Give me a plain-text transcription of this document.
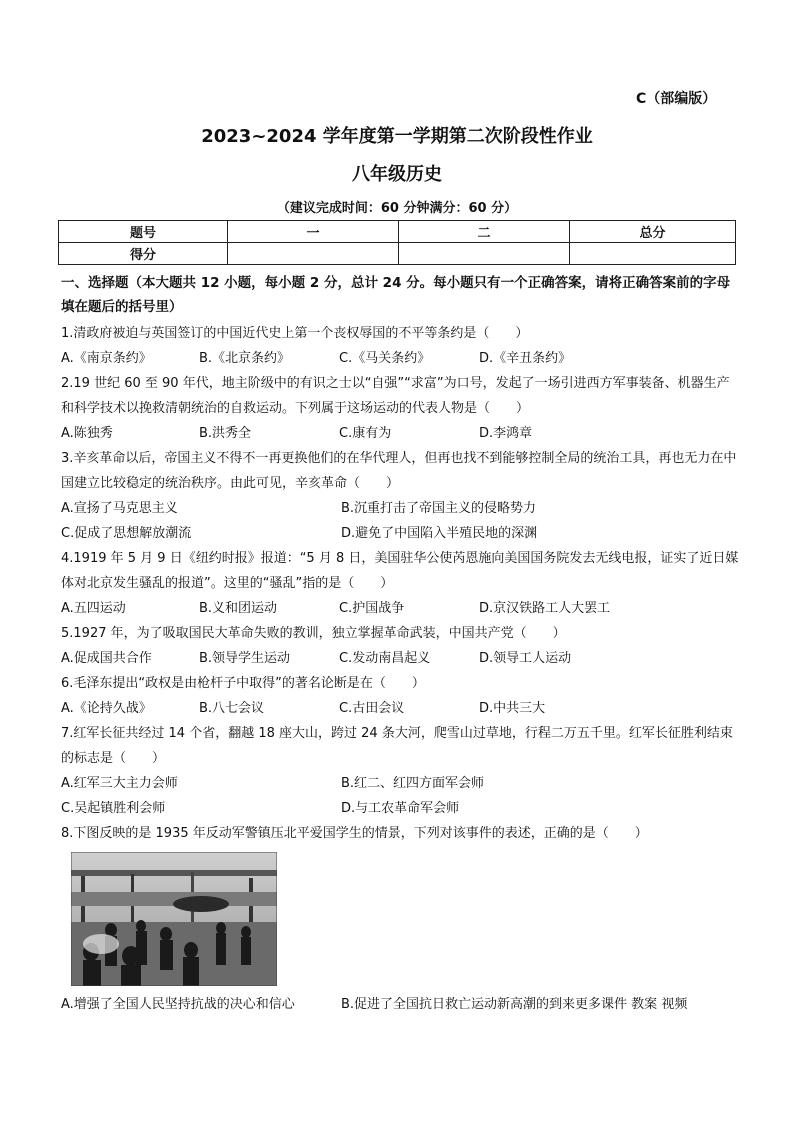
C（部编版）
2023~2024 学年度第一学期第二次阶段性作业
八年级历史
（建议完成时间：60 分钟满分：60 分）
题号	一	二	总分
得分			
一、选择题（本大题共 12 小题，每小题 2 分，总计 24 分。每小题只有一个正确答案，请将正确答案前的字母填在题后的括号里）
1.清政府被迫与英国签订的中国近代史上第一个丧权辱国的不平等条约是（　　）
A.《南京条约》	B.《北京条约》	C.《马关条约》	D.《辛丑条约》
2.19 世纪 60 至 90 年代，地主阶级中的有识之士以“自强”“求富”为口号，发起了一场引进西方军事装备、机器生产和科学技术以挽救清朝统治的自救运动。下列属于这场运动的代表人物是（　　）
A.陈独秀	B.洪秀全	C.康有为	D.李鸿章
3.辛亥革命以后，帝国主义不得不一再更换他们的在华代理人，但再也找不到能够控制全局的统治工具，再也无力在中国建立比较稳定的统治秩序。由此可见，辛亥革命（　　）
A.宣扬了马克思主义	B.沉重打击了帝国主义的侵略势力
C.促成了思想解放潮流	D.避免了中国陷入半殖民地的深渊
4.1919 年 5 月 9 日《纽约时报》报道：“5 月 8 日，美国驻华公使芮恩施向美国国务院发去无线电报，证实了近日媒体对北京发生骚乱的报道”。这里的“骚乱”指的是（　　）
A.五四运动	B.义和团运动	C.护国战争	D.京汉铁路工人大罢工
5.1927 年，为了吸取国民大革命失败的教训，独立掌握革命武装，中国共产党（　　）
A.促成国共合作	B.领导学生运动	C.发动南昌起义	D.领导工人运动
6.毛泽东提出“政权是由枪杆子中取得”的著名论断是在（　　）
A.《论持久战》	B.八七会议	C.古田会议	D.中共三大
7.红军长征共经过 14 个省，翻越 18 座大山，跨过 24 条大河，爬雪山过草地，行程二万五千里。红军长征胜利结束的标志是（　　）
A.红军三大主力会师	B.红二、红四方面军会师
C.吴起镇胜利会师	D.与工农革命军会师
8.下图反映的是 1935 年反动军警镇压北平爱国学生的情景，下列对该事件的表述，正确的是（　　）
A.增强了全国人民坚持抗战的决心和信心	B.促进了全国抗日救亡运动新高潮的到来更多课件 教案 视频
